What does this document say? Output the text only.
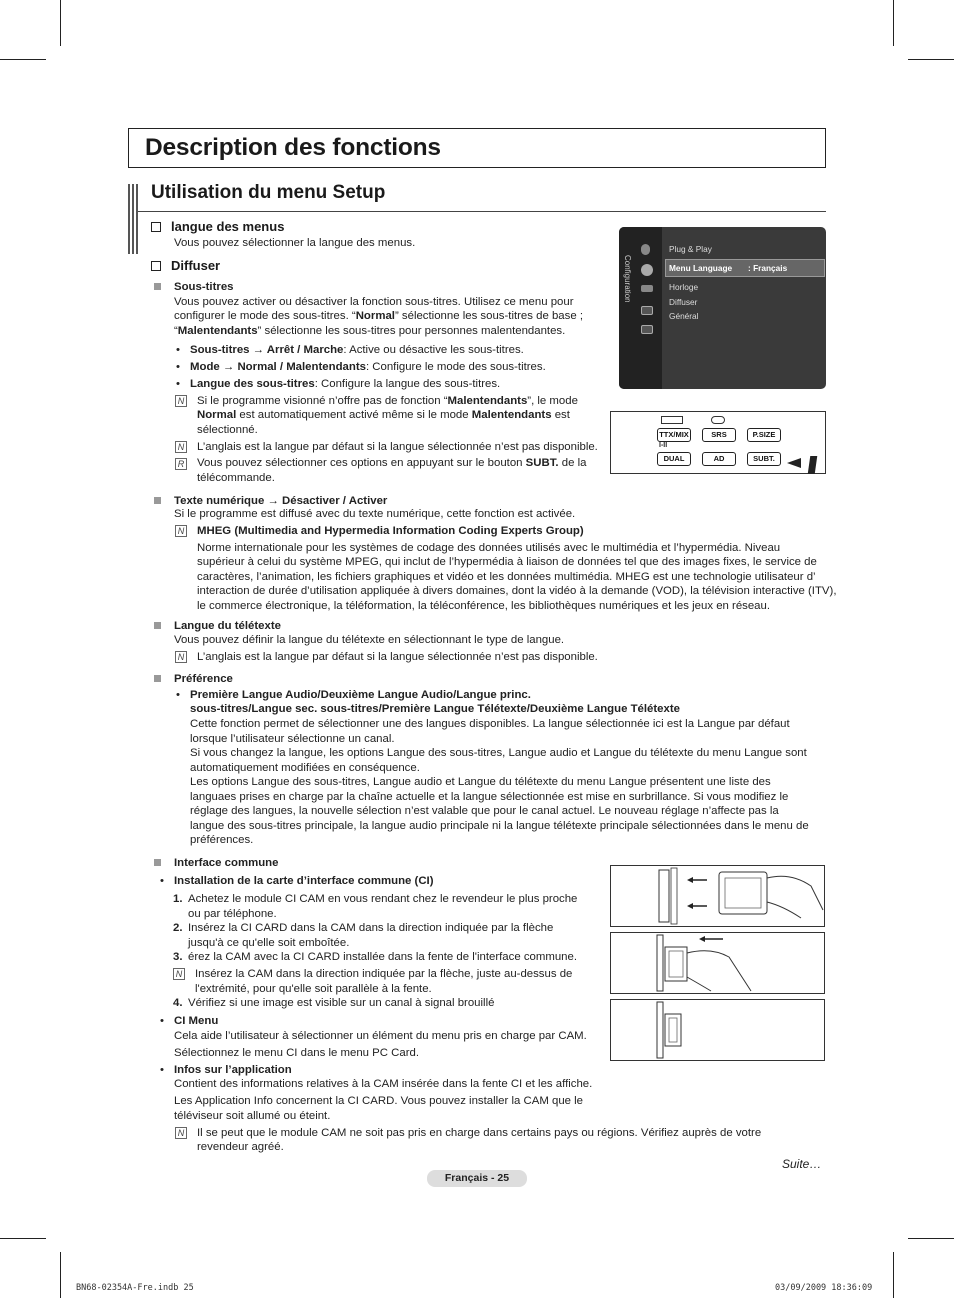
Description des fonctions
Utilisation du menu Setup
langue des menus
Vous pouvez sélectionner la langue des menus.
Diffuser
Sous-titres
Vous pouvez activer ou désactiver la fonction sous-titres. Utilisez ce menu pour
configurer le mode des sous-titres. “Normal” sélectionne les sous-titres de base ;
“Malentendants” sélectionne les sous-titres pour personnes malentendantes.
• Sous-titres → Arrêt / Marche: Active ou désactive les sous-titres.
• Mode → Normal / Malentendants: Configure le mode des sous-titres.
• Langue des sous-titres: Configure la langue des sous-titres.
N Si le programme visionné n’offre pas de fonction “Malentendants”, le mode
Normal est automatiquement activé même si le mode Malentendants est
sélectionné.
N L’anglais est la langue par défaut si la langue sélectionnée n’est pas disponible.
R Vous pouvez sélectionner ces options en appuyant sur le bouton SUBT. de la
télécommande.
Configuration
Plug & Play
Menu Language : Français
Horloge
Diffuser
Général
TTX/MIX	SRS	P.SIZE
I-II
DUAL	AD	SUBT.
Texte numérique → Désactiver / Activer
Si le programme est diffusé avec du texte numérique, cette fonction est activée.
N MHEG (Multimedia and Hypermedia Information Coding Experts Group)
Norme internationale pour les systèmes de codage des données utilisés avec le multimédia et l’hypermédia. Niveau
supérieur à celui du système MPEG, qui inclut de l’hypermédia à liaison de données tel que des images fixes, le service de
caractères, l’animation, les fichiers graphiques et vidéo et les données multimédia. MHEG est une technologie utilisateur d’
interaction de durée d’utilisation appliquée à divers domaines, dont la vidéo à la demande (VOD), la télévision interactive (ITV),
le commerce électronique, la téléformation, la téléconférence, les bibliothèques numériques et les jeux en réseau.
Langue du télétexte
Vous pouvez définir la langue du télétexte en sélectionnant le type de langue.
N L’anglais est la langue par défaut si la langue sélectionnée n’est pas disponible.
Préférence
• Première Langue Audio/Deuxième Langue Audio/Langue princ.
sous-titres/Langue sec. sous-titres/Première Langue Télétexte/Deuxième Langue Télétexte
Cette fonction permet de sélectionner une des langues disponibles. La langue sélectionnée ici est la Langue par défaut
lorsque l’utilisateur sélectionne un canal.
Si vous changez la langue, les options Langue des sous-titres, Langue audio et Langue du télétexte du menu Langue sont
automatiquement modifiées en conséquence.
Les options Langue des sous-titres, Langue audio et Langue du télétexte du menu Langue présentent une liste des
languaes prises en charge par la chaîne actuelle et la langue sélectionnée est mise en surbrillance. Si vous modifiez le
réglage des langues, la nouvelle sélection n’est valable que pour le canal actuel. Le nouveau réglage n’affecte pas la
langue des sous-titres principale, la langue audio principale ni la langue télétexte principale sélectionnées dans le menu de
préférences.
Interface commune
• Installation de la carte d’interface commune (CI)
1. Achetez le module CI CAM en vous rendant chez le revendeur le plus proche
ou par téléphone.
2. Insérez la CI CARD dans la CAM dans la direction indiquée par la flèche
jusqu'à ce qu'elle soit emboîtée.
3. érez la CAM avec la CI CARD installée dans la fente de l'interface commune.
N Insérez la CAM dans la direction indiquée par la flèche, juste au-dessus de
l'extrémité, pour qu'elle soit parallèle à la fente.
4. Vérifiez si une image est visible sur un canal à signal brouillé
• CI Menu
Cela aide l’utilisateur à sélectionner un élément du menu pris en charge par CAM.
Sélectionnez le menu CI dans le menu PC Card.
• Infos sur l’application
Contient des informations relatives à la CAM insérée dans la fente CI et les affiche.
Les Application Info concernent la CI CARD. Vous pouvez installer la CAM que le
téléviseur soit allumé ou éteint.
N Il se peut que le module CAM ne soit pas pris en charge dans certains pays ou régions. Vérifiez auprès de votre
revendeur agréé.
Suite…
Français - 25
BN68-02354A-Fre.indb 25	03/09/2009 18:36:09
